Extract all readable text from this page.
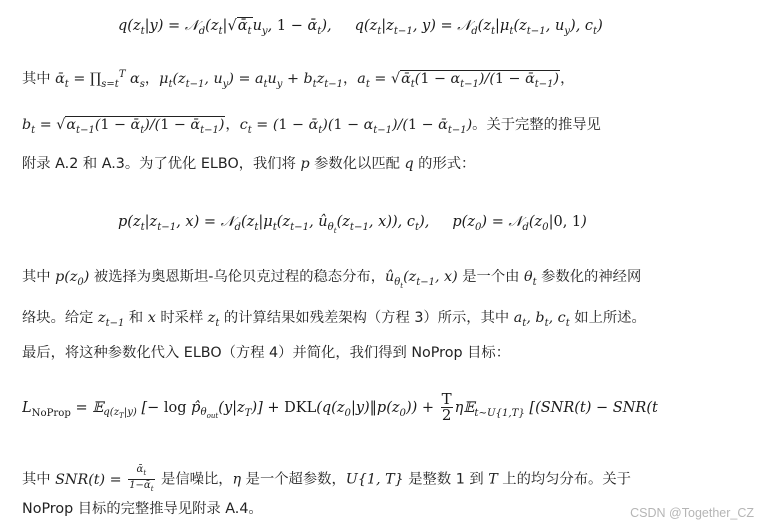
$q(z_t|y)$ = $𝒩_d(z_t|√ᾱ_tu_y$, 1 − ᾱ$_t$),     $q(z_t|z_{t-1}$, $y) = 𝒩_d(z_t|\mu_t(z_{t-1}$, $u_y$), $c_t$)
其中 ᾱ$_t$ = $\prod_{s=t}^T$ $\alpha_s$，$\mu_t(z_{t-1}$, $u_y) = a_tu_y + b_tz_{t-1}$，$a_t$ = √ᾱ$_t$(1 − $\alpha_{t-1})/(1$ − ᾱ$_{t-1}$)，
$b_t = √\alpha_{t-1}(1$ − ᾱ$_t$)/(1 − ᾱ$_{t-1}$)，$c_t = (1$ − ᾱ$_t$)(1 − $\alpha_{t-1})/(1$ − ᾱ$_{t-1}$)。关于完整的推导见
附录 A.2 和 A.3。为了优化 ELBO，我们将 p 参数化以匹配 q 的形式：
$p(z_t|z_{t-1}$, $x) = 𝒩_d(z_t|\mu_t(z_{t-1}$, $û_{\theta_t}(z_{t-1}$, x)), $c_t$),     $p(z_0)$ = $𝒩_d(z_0|0$, 1)
其中 $p(z_0)$ 被选择为奥恩斯坦-乌伦贝克过程的稳态分布，$û_{\theta_t}(z_{t-1}$, x) 是一个由 $\theta_t$ 参数化的神经网
络块。给定 $z_{t-1}$ 和 x 时采样 $z_t$ 的计算结果如残差架构（方程 3）所示，其中 $a_t$, $b_t$, $c_t$ 如上所述。
最后，将这种参数化代入 ELBO（方程 4）并简化，我们得到 NoProp 目标：
$L_{NoProp}$ = 𝔼$_{q(z_T|y)}$ [− $\log p̂_{\theta_{out}}(y|z_T)$] + $DKL(q(z_0|y)‖p(z_0)) + \frac{T}{2}$ η𝔼$_{t\sim U\{1,T\}}$ [(SNR(t) − SNR(t
其中 $SNR(t) = \frac{ᾱ_t}{1-ᾱ_t}$ 是信噪比，η 是一个超参数，U{1, T} 是整数 1 到 T 上的均匀分布。关于
NoProp 目标的完整推导见附录 A.4。	CSDN @Together_CZ
